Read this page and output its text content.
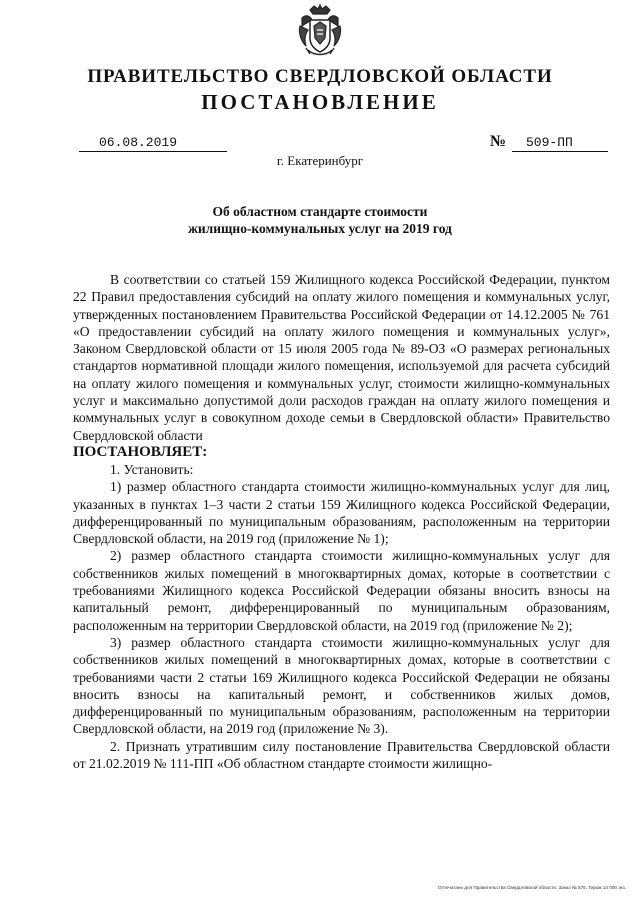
ПРАВИТЕЛЬСТВО СВЕРДЛОВСКОЙ ОБЛАСТИ
ПОСТАНОВЛЕНИЕ
06.08.2019	№	509-ПП
г. Екатеринбург
Об областном стандарте стоимости
жилищно-коммунальных услуг на 2019 год

В соответствии со статьей 159 Жилищного кодекса Российской Федерации, пунктом 22 Правил предоставления субсидий на оплату жилого помещения и коммунальных услуг, утвержденных постановлением Правительства Российской Федерации от 14.12.2005 № 761 «О предоставлении субсидий на оплату жилого помещения и коммунальных услуг», Законом Свердловской области от 15 июля 2005 года № 89-ОЗ «О размерах региональных стандартов нормативной площади жилого помещения, используемой для расчета субсидий на оплату жилого помещения и коммунальных услуг, стоимости жилищно-коммунальных услуг и максимально допустимой доли расходов граждан на оплату жилого помещения и коммунальных услуг в совокупном доходе семьи в Свердловской области» Правительство Свердловской области

ПОСТАНОВЛЯЕТ:

1. Установить:

1) размер областного стандарта стоимости жилищно-коммунальных услуг для лиц, указанных в пунктах 1–3 части 2 статьи 159 Жилищного кодекса Российской Федерации, дифференцированный по муниципальным образованиям, расположенным на территории Свердловской области, на 2019 год (приложение № 1);

2) размер областного стандарта стоимости жилищно-коммунальных услуг для собственников жилых помещений в многоквартирных домах, которые в соответствии с требованиями Жилищного кодекса Российской Федерации обязаны вносить взносы на капитальный ремонт, дифференцированный по муниципальным образованиям, расположенным на территории Свердловской области, на 2019 год (приложение № 2);

3) размер областного стандарта стоимости жилищно-коммунальных услуг для собственников жилых помещений в многоквартирных домах, которые в соответствии с требованиями части 2 статьи 169 Жилищного кодекса Российской Федерации не обязаны вносить взносы на капитальный ремонт, и собственников жилых домов, дифференцированный по муниципальным образованиям, расположенным на территории Свердловской области, на 2019 год (приложение № 3).

2. Признать утратившим силу постановление Правительства Свердловской области от 21.02.2019 № 111-ПП «Об областном стандарте стоимости жилищно-

Отпечатано для Правительства Свердловской области. Заказ № 575. Тираж 14 000 экз.
